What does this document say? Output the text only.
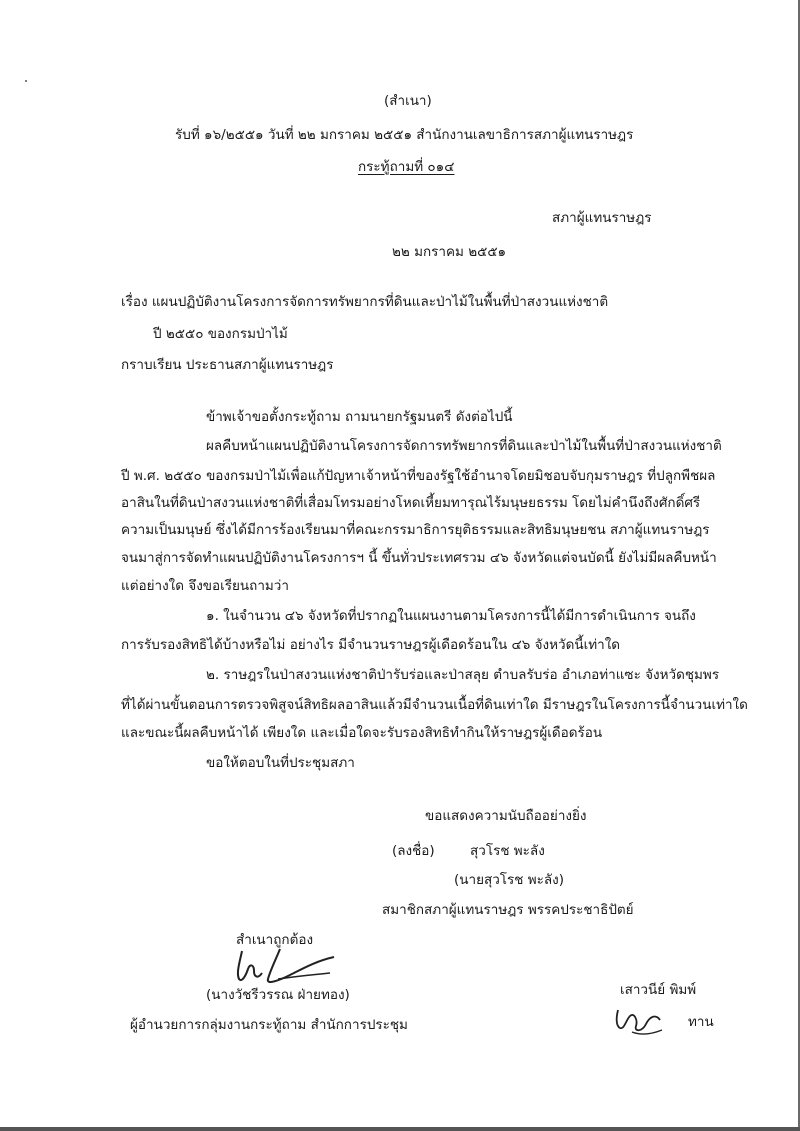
(สำเนา)
รับที่ ๑๖/๒๕๕๑ วันที่ ๒๒ มกราคม ๒๕๕๑ สำนักงานเลขาธิการสภาผู้แทนราษฎร
กระทู้ถามที่ ๐๑๔
สภาผู้แทนราษฎร
๒๒ มกราคม ๒๕๕๑
เรื่อง แผนปฏิบัติงานโครงการจัดการทรัพยากรที่ดินและป่าไม้ในพื้นที่ป่าสงวนแห่งชาติ
ปี ๒๕๕๐ ของกรมป่าไม้
กราบเรียน ประธานสภาผู้แทนราษฎร
ข้าพเจ้าขอตั้งกระทู้ถาม ถามนายกรัฐมนตรี ดังต่อไปนี้
ผลคืบหน้าแผนปฏิบัติงานโครงการจัดการทรัพยากรที่ดินและป่าไม้ในพื้นที่ป่าสงวนแห่งชาติ
ปี พ.ศ. ๒๕๕๐ ของกรมป่าไม้เพื่อแก้ปัญหาเจ้าหน้าที่ของรัฐใช้อำนาจโดยมิชอบจับกุมราษฎร ที่ปลูกพืชผล
อาสินในที่ดินป่าสงวนแห่งชาติที่เสื่อมโทรมอย่างโหดเหี้ยมทารุณไร้มนุษยธรรม โดยไม่คำนึงถึงศักดิ์ศรี
ความเป็นมนุษย์ ซึ่งได้มีการร้องเรียนมาที่คณะกรรมาธิการยุติธรรมและสิทธิมนุษยชน สภาผู้แทนราษฎร
จนมาสู่การจัดทำแผนปฏิบัติงานโครงการฯ นี้ ขึ้นทั่วประเทศรวม ๔๖ จังหวัดแต่จนบัดนี้ ยังไม่มีผลคืบหน้า
แต่อย่างใด จึงขอเรียนถามว่า
๑. ในจำนวน ๔๖ จังหวัดที่ปรากฏในแผนงานตามโครงการนี้ได้มีการดำเนินการ จนถึง
การรับรองสิทธิได้บ้างหรือไม่ อย่างไร มีจำนวนราษฎรผู้เดือดร้อนใน ๔๖ จังหวัดนี้เท่าใด
๒. ราษฎรในป่าสงวนแห่งชาติป่ารับร่อและป่าสลุย ตำบลรับร่อ อำเภอท่าแซะ จังหวัดชุมพร
ที่ได้ผ่านขั้นตอนการตรวจพิสูจน์สิทธิผลอาสินแล้วมีจำนวนเนื้อที่ดินเท่าใด มีราษฎรในโครงการนี้จำนวนเท่าใด
และขณะนี้ผลคืบหน้าได้ เพียงใด และเมื่อใดจะรับรองสิทธิทำกินให้ราษฎรผู้เดือดร้อน
ขอให้ตอบในที่ประชุมสภา
ขอแสดงความนับถืออย่างยิ่ง
(ลงชื่อ)	สุวโรช พะลัง
(นายสุวโรช พะลัง)
สมาชิกสภาผู้แทนราษฎร พรรคประชาธิปัตย์
สำเนาถูกต้อง
(นางวัชรีวรรณ ฝ่ายทอง)
ผู้อำนวยการกลุ่มงานกระทู้ถาม สำนักการประชุม
เสาวนีย์ พิมพ์
ทาน
